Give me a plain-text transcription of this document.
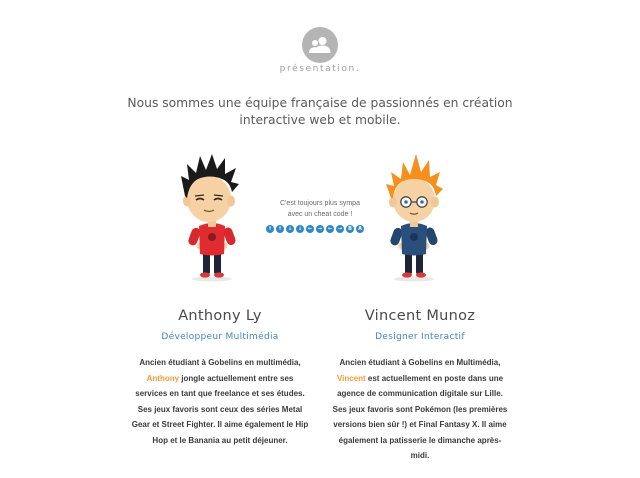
présentation.
Nous sommes une équipe française de passionnés en création
interactive web et mobile.
C'est toujours plus sympa
avec un cheat code !
↑	↑	↓	↓	←	→	←	→	B	A
Anthony Ly
Développeur Multimédia
Ancien étudiant à Gobelins en multimédia,
Anthony jongle actuellement entre ses
services en tant que freelance et ses études.
Ses jeux favoris sont ceux des séries Metal
Gear et Street Fighter. Il aime également le Hip
Hop et le Banania au petit déjeuner.
Vincent Munoz
Designer Interactif
Ancien étudiant à Gobelins en Multimédia,
Vincent est actuellement en poste dans une
agence de communication digitale sur Lille.
Ses jeux favoris sont Pokémon (les premières
versions bien sûr !) et Final Fantasy X. Il aime
également la patisserie le dimanche après-
midi.
